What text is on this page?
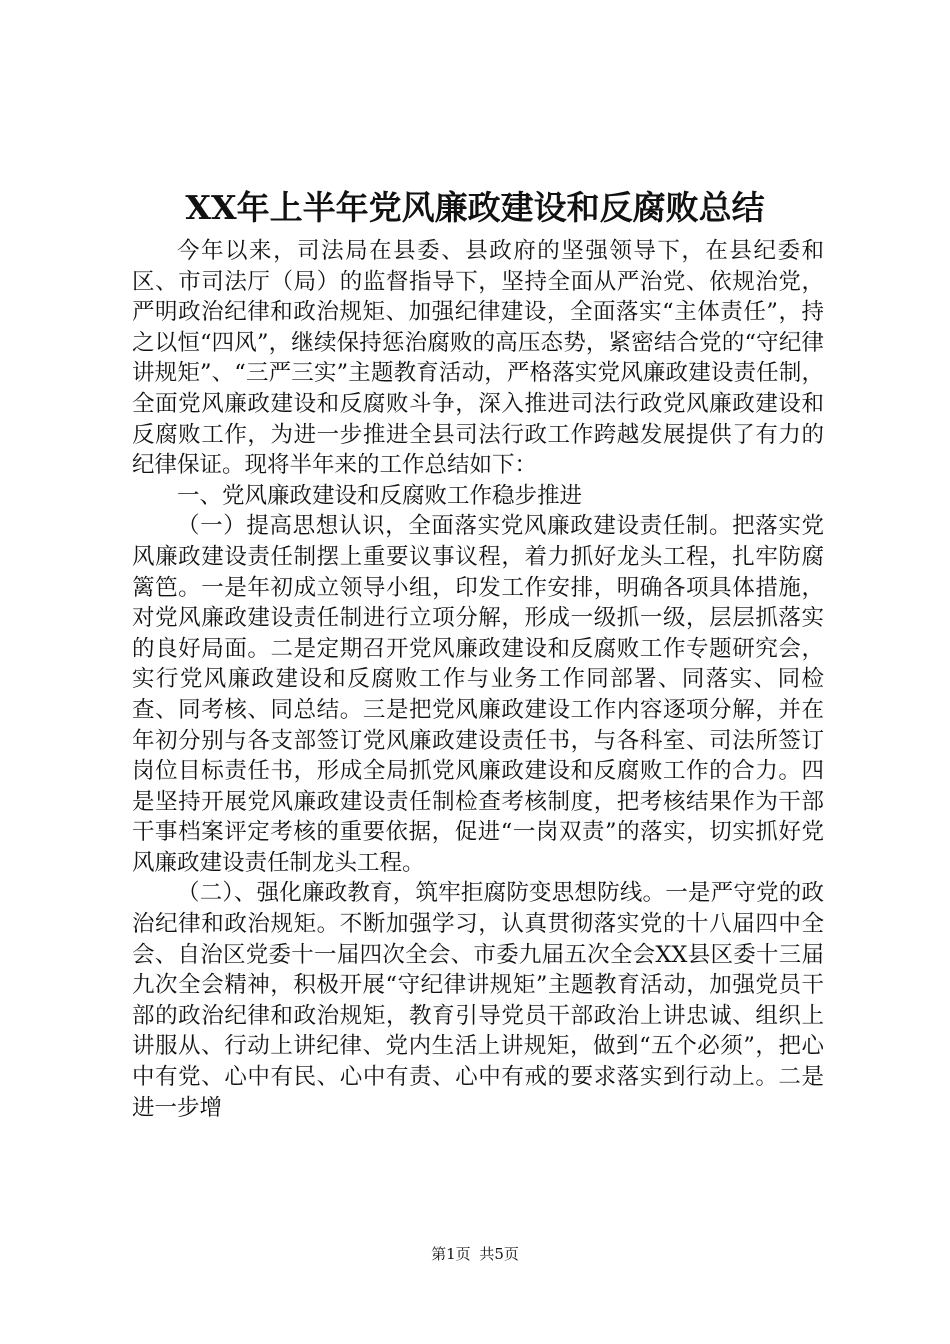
XX年上半年党风廉政建设和反腐败总结

今年以来，司法局在县委、县政府的坚强领导下，在县纪委和区、市司法厅（局）的监督指导下，坚持全面从严治党、依规治党，严明政治纪律和政治规矩、加强纪律建设，全面落实“主体责任”，持之以恒“四风”，继续保持惩治腐败的高压态势，紧密结合党的“守纪律讲规矩”、“三严三实”主题教育活动，严格落实党风廉政建设责任制，全面党风廉政建设和反腐败斗争，深入推进司法行政党风廉政建设和反腐败工作，为进一步推进全县司法行政工作跨越发展提供了有力的纪律保证。现将半年来的工作总结如下：

一、党风廉政建设和反腐败工作稳步推进

（一）提高思想认识，全面落实党风廉政建设责任制。把落实党风廉政建设责任制摆上重要议事议程，着力抓好龙头工程，扎牢防腐篱笆。一是年初成立领导小组，印发工作安排，明确各项具体措施，对党风廉政建设责任制进行立项分解，形成一级抓一级，层层抓落实的良好局面。二是定期召开党风廉政建设和反腐败工作专题研究会，实行党风廉政建设和反腐败工作与业务工作同部署、同落实、同检查、同考核、同总结。三是把党风廉政建设工作内容逐项分解，并在年初分别与各支部签订党风廉政建设责任书，与各科室、司法所签订岗位目标责任书，形成全局抓党风廉政建设和反腐败工作的合力。四是坚持开展党风廉政建设责任制检查考核制度，把考核结果作为干部干事档案评定考核的重要依据，促进“一岗双责”的落实，切实抓好党风廉政建设责任制龙头工程。

（二）、强化廉政教育，筑牢拒腐防变思想防线。一是严守党的政治纪律和政治规矩。不断加强学习，认真贯彻落实党的十八届四中全会、自治区党委十一届四次全会、市委九届五次全会XX县区委十三届九次全会精神，积极开展“守纪律讲规矩”主题教育活动，加强党员干部的政治纪律和政治规矩，教育引导党员干部政治上讲忠诚、组织上讲服从、行动上讲纪律、党内生活上讲规矩，做到“五个必须”，把心中有党、心中有民、心中有责、心中有戒的要求落实到行动上。二是进一步增

第1页 共5页
